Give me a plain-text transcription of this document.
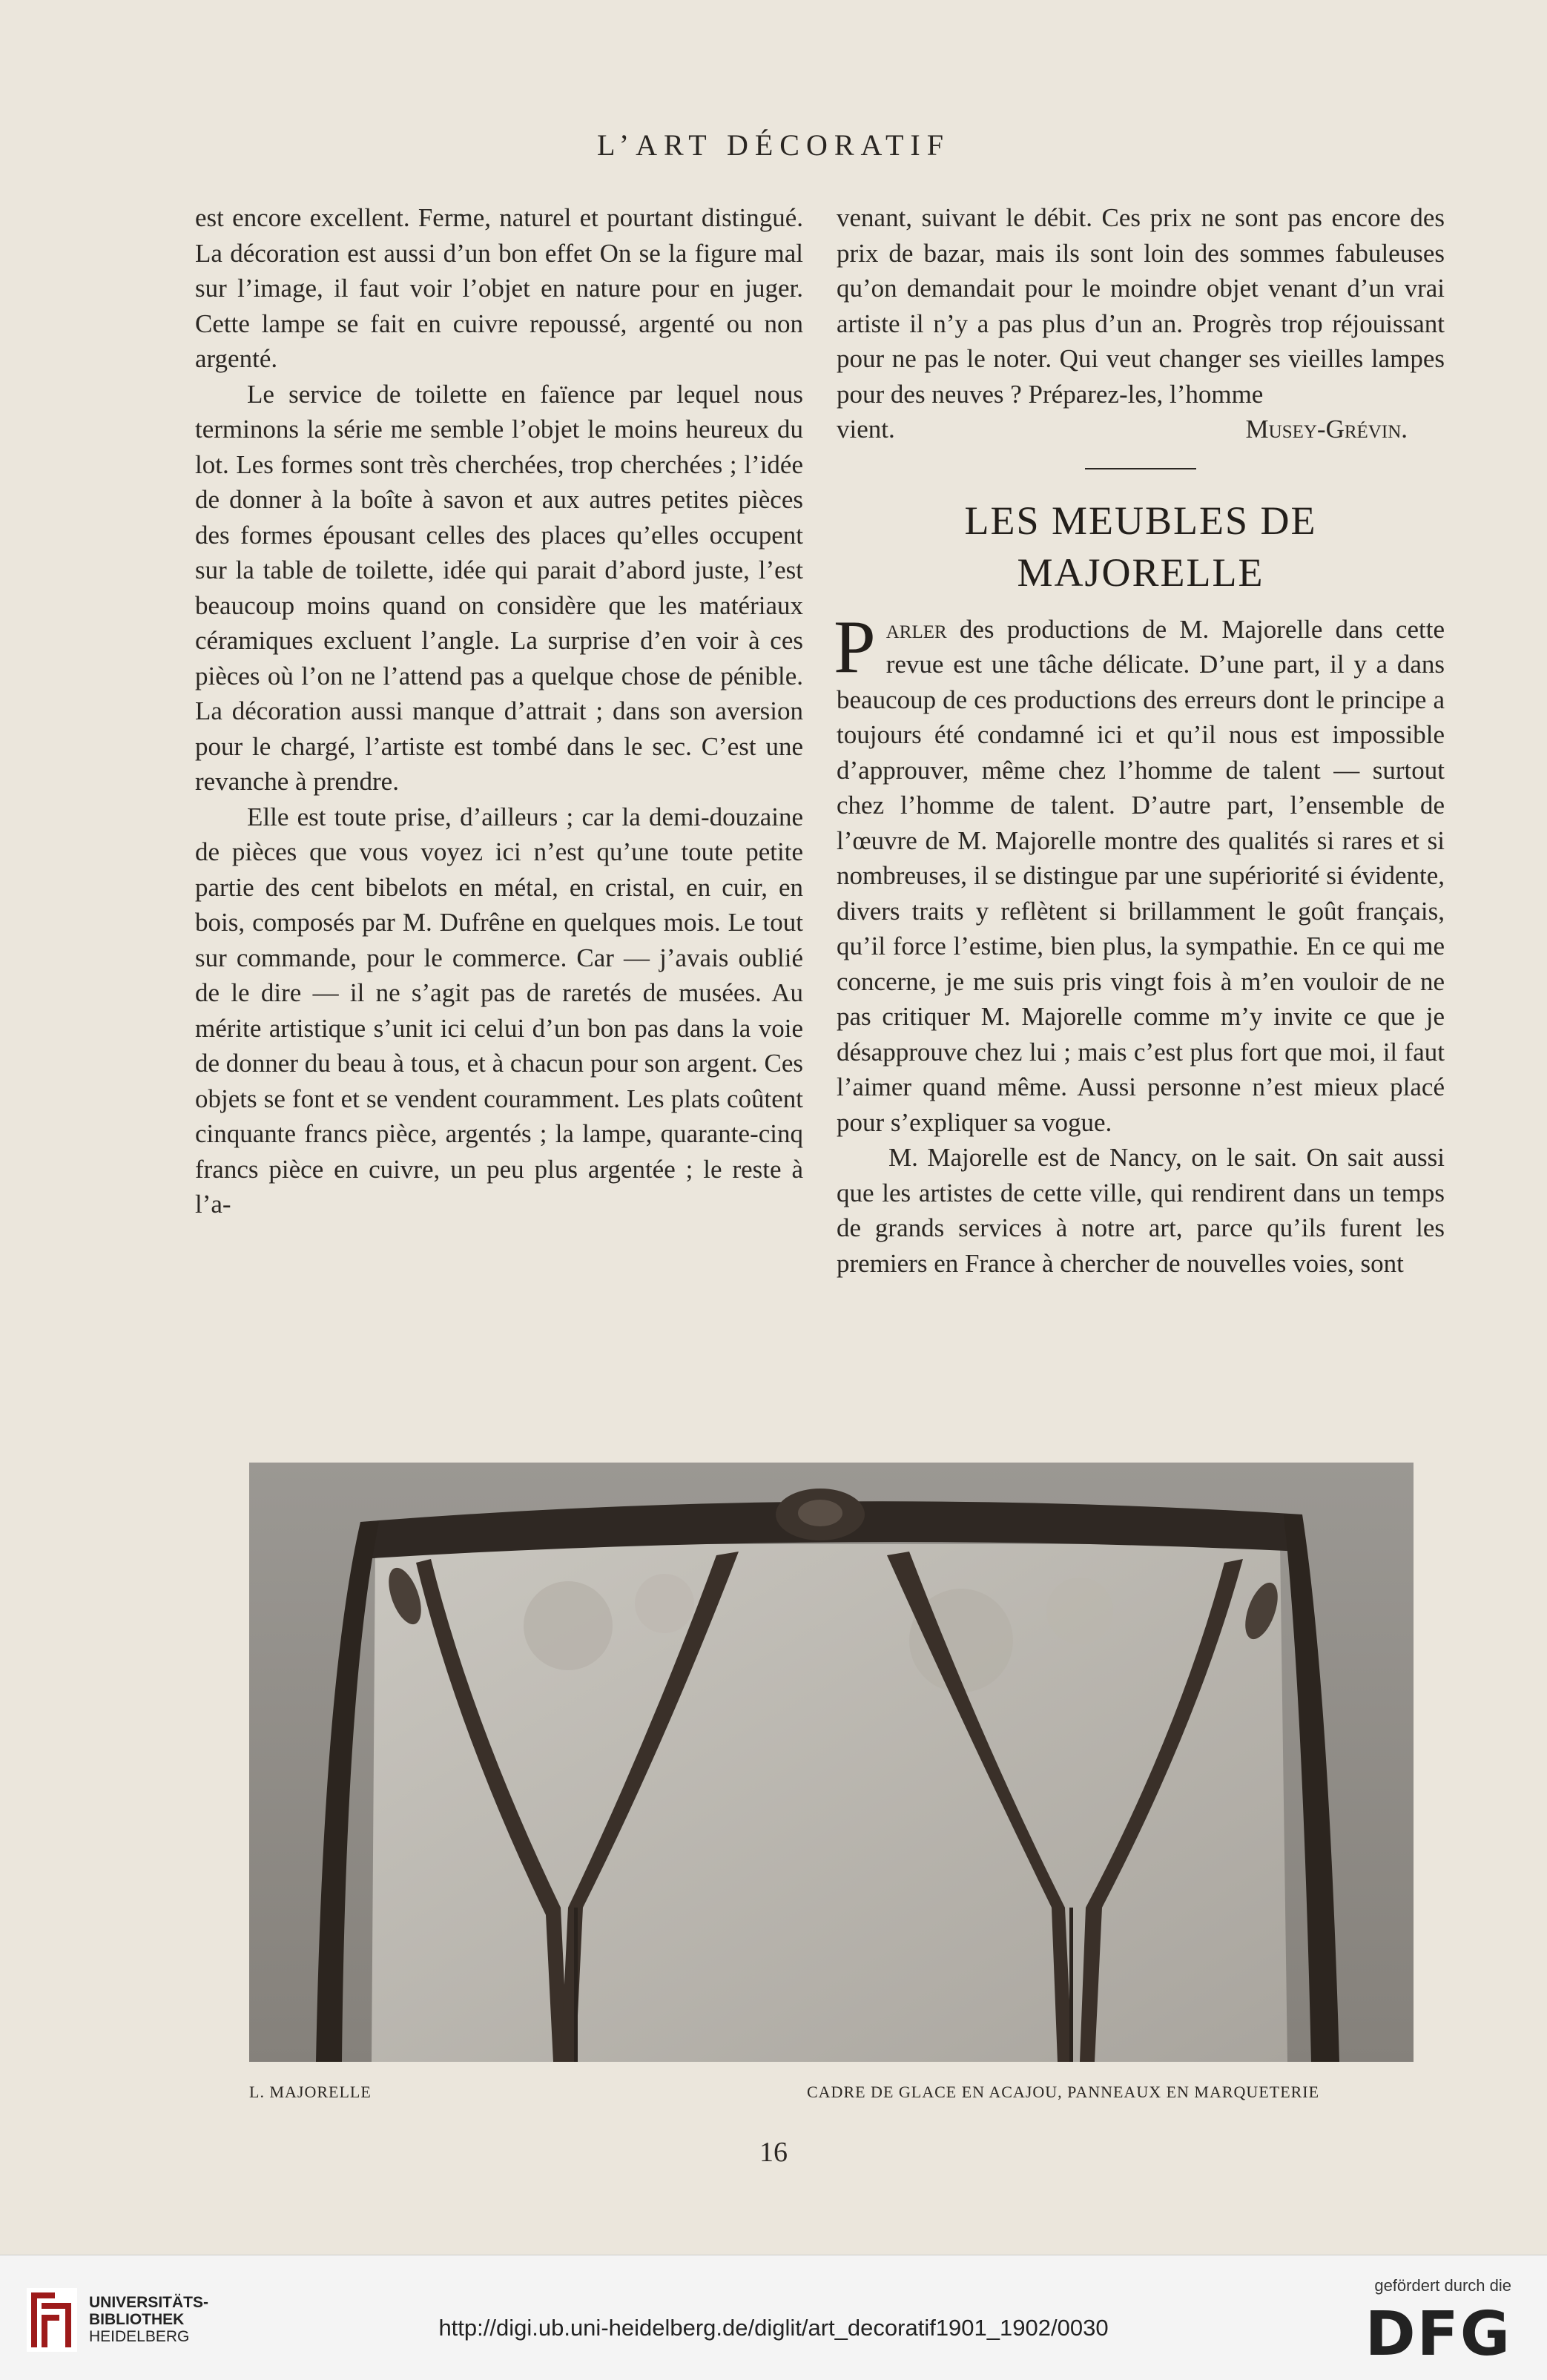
L’ART DÉCORATIF

est encore excellent. Ferme, naturel et pourtant distingué. La décoration est aussi d’un bon effet On se la figure mal sur l’image, il faut voir l’objet en nature pour en juger. Cette lampe se fait en cuivre repoussé, argenté ou non argenté.

Le service de toilette en faïence par lequel nous terminons la série me semble l’objet le moins heureux du lot. Les formes sont très cherchées, trop cherchées ; l’idée de donner à la boîte à savon et aux autres petites pièces des formes épousant celles des places qu’elles occupent sur la table de toilette, idée qui parait d’abord juste, l’est beaucoup moins quand on considère que les matériaux céramiques excluent l’angle. La surprise d’en voir à ces pièces où l’on ne l’attend pas a quelque chose de pénible. La décoration aussi manque d’attrait ; dans son aversion pour le chargé, l’artiste est tombé dans le sec. C’est une revanche à prendre.

Elle est toute prise, d’ailleurs ; car la demi-douzaine de pièces que vous voyez ici n’est qu’une toute petite partie des cent bibelots en métal, en cristal, en cuir, en bois, composés par M. Dufrêne en quelques mois. Le tout sur commande, pour le commerce. Car — j’avais oublié de le dire — il ne s’agit pas de raretés de musées. Au mérite artistique s’unit ici celui d’un bon pas dans la voie de donner du beau à tous, et à chacun pour son argent. Ces objets se font et se vendent couramment. Les plats coûtent cinquante francs pièce, argentés ; la lampe, quarante-cinq francs pièce en cuivre, un peu plus argentée ; le reste à l’a-

venant, suivant le débit. Ces prix ne sont pas encore des prix de bazar, mais ils sont loin des sommes fabuleuses qu’on demandait pour le moindre objet venant d’un vrai artiste il n’y a pas plus d’un an. Progrès trop réjouissant pour ne pas le noter. Qui veut changer ses vieilles lampes pour des neuves ? Préparez-les, l’homme

vient.	Musey-Grévin.
LES MEUBLES DE MAJORELLE

Parler des productions de M. Majorelle dans cette revue est une tâche délicate. D’une part, il y a dans beaucoup de ces productions des erreurs dont le principe a toujours été condamné ici et qu’il nous est impossible d’approuver, même chez l’homme de talent — surtout chez l’homme de talent. D’autre part, l’ensemble de l’œuvre de M. Majorelle montre des qualités si rares et si nombreuses, il se distingue par une supériorité si évidente, divers traits y reflètent si brillamment le goût français, qu’il force l’estime, bien plus, la sympathie. En ce qui me concerne, je me suis pris vingt fois à m’en vouloir de ne pas critiquer M. Majorelle comme m’y invite ce que je désapprouve chez lui ; mais c’est plus fort que moi, il faut l’aimer quand même. Aussi personne n’est mieux placé pour s’expliquer sa vogue.

M. Majorelle est de Nancy, on le sait. On sait aussi que les artistes de cette ville, qui rendirent dans un temps de grands services à notre art, parce qu’ils furent les premiers en France à chercher de nouvelles voies, sont

L. MAJORELLE	CADRE DE GLACE EN ACAJOU, PANNEAUX EN MARQUETERIE
16
UNIVERSITÄTS-
BIBLIOTHEK
HEIDELBERG	http://digi.ub.uni-heidelberg.de/diglit/art_decoratif1901_1902/0030
gefördert durch die
DFG
